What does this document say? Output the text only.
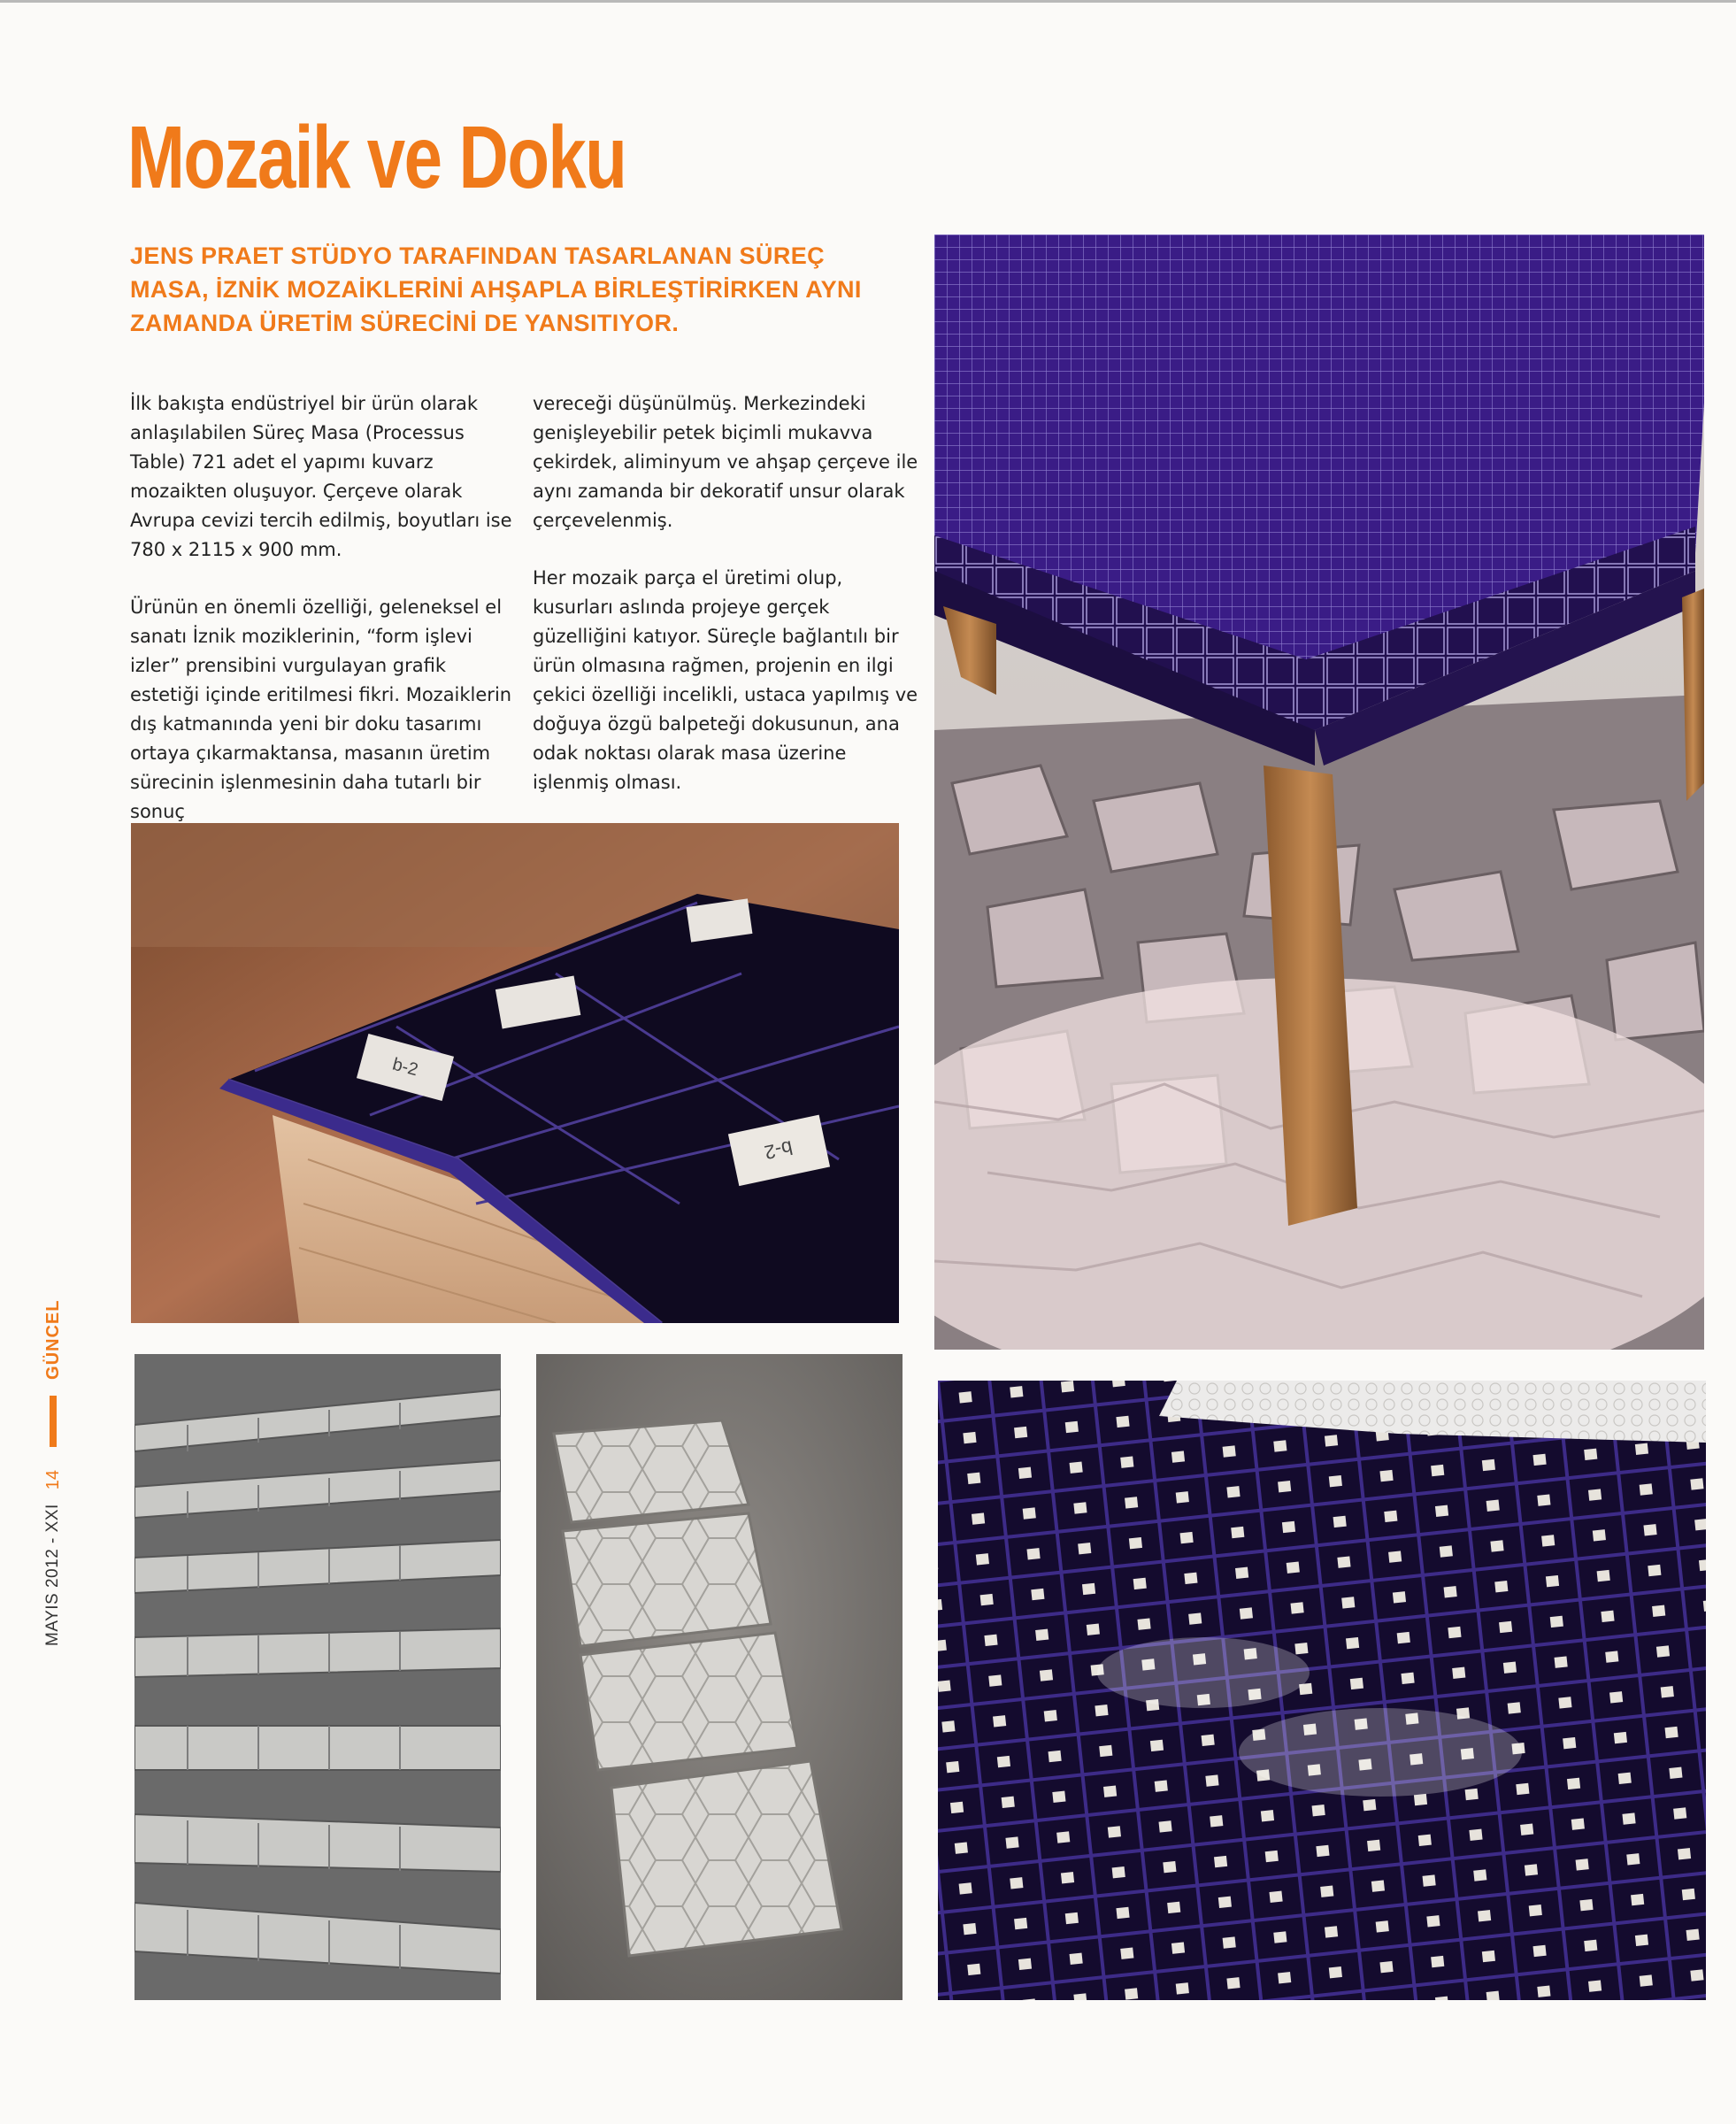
Mozaik ve Doku
JENS PRAET STÜDYO TARAFINDAN TASARLANAN SÜREÇ MASA, İZNİK MOZAİKLERİNİ AHŞAPLA BİRLEŞTİRİRKEN AYNI ZAMANDA ÜRETİM SÜRECİNİ DE YANSITIYOR.

İlk bakışta endüstriyel bir ürün olarak anlaşılabilen Süreç Masa (Processus Table) 721 adet el yapımı kuvarz mozaikten oluşuyor. Çerçeve olarak Avrupa cevizi tercih edilmiş, boyutları ise 780 x 2115 x 900 mm.

Ürünün en önemli özelliği, geleneksel el sanatı İznik moziklerinin, “form işlevi izler” prensibini vurgulayan grafik estetiği içinde eritilmesi fikri. Mozaiklerin dış katmanında yeni bir doku tasarımı ortaya çıkarmaktansa, masanın üretim sürecinin işlenmesinin daha tutarlı bir sonuç

vereceği düşünülmüş. Merkezindeki genişleyebilir petek biçimli mukavva çekirdek, aliminyum ve ahşap çerçeve ile aynı zamanda bir dekoratif unsur olarak çerçevelenmiş.

Her mozaik parça el üretimi olup, kusurları aslında projeye gerçek güzelliğini katıyor. Süreçle bağlantılı bir ürün olmasına rağmen, projenin en ilgi çekici özelliği incelikli, ustaca yapılmış ve doğuya özgü balpeteği dokusunun, ana odak noktası olarak masa üzerine işlenmiş olması.

b-2
b-2
MAYIS 2012 - XXI
14
GÜNCEL
